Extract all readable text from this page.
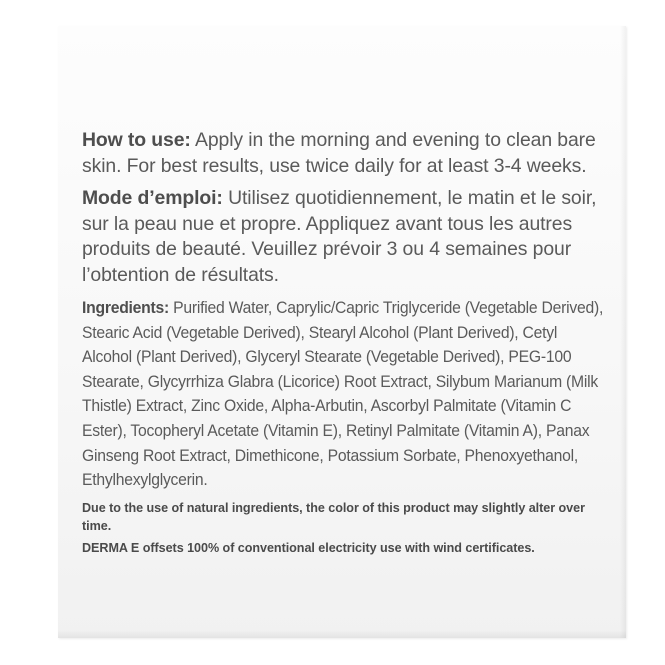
How to use: Apply in the morning and evening to clean bare skin. For best results, use twice daily for at least 3-4 weeks.

Mode d’emploi: Utilisez quotidiennement, le matin et le soir, sur la peau nue et propre. Appliquez avant tous les autres produits de beauté. Veuillez prévoir 3 ou 4 semaines pour l’obtention de résultats.

Ingredients: Purified Water, Caprylic/Capric Triglyceride (Vegetable Derived), Stearic Acid (Vegetable Derived), Stearyl Alcohol (Plant Derived), Cetyl Alcohol (Plant Derived), Glyceryl Stearate (Vegetable Derived), PEG-100 Stearate, Glycyrrhiza Glabra (Licorice) Root Extract, Silybum Marianum (Milk Thistle) Extract, Zinc Oxide, Alpha-Arbutin, Ascorbyl Palmitate (Vitamin C Ester), Tocopheryl Acetate (Vitamin E), Retinyl Palmitate (Vitamin A), Panax Ginseng Root Extract, Dimethicone, Potassium Sorbate, Phenoxyethanol, Ethylhexylglycerin.

Due to the use of natural ingredients, the color of this product may slightly alter over time.

DERMA E offsets 100% of conventional electricity use with wind certificates.
